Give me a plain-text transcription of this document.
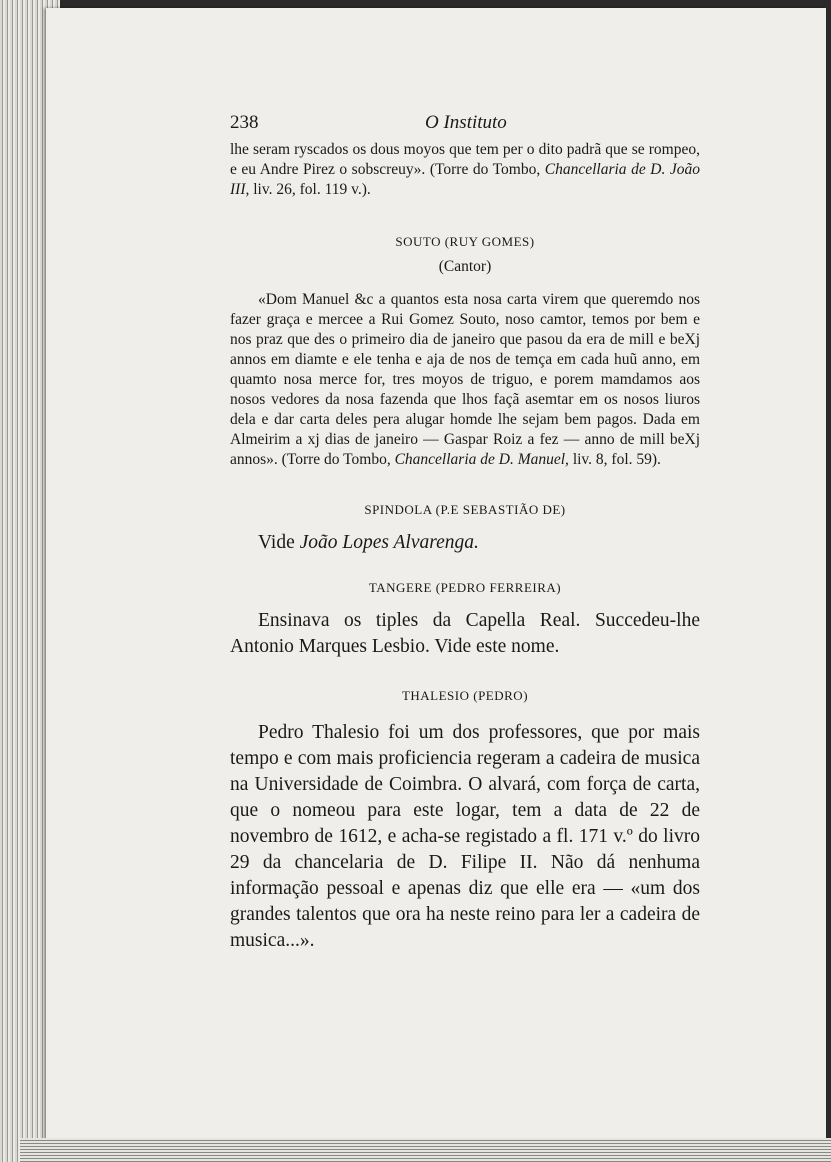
238	O Instituto

lhe seram ryscados os dous moyos que tem per o dito padrã que se rompeo, e eu Andre Pirez o sobscreuy». (Torre do Tombo, Chancellaria de D. João III, liv. 26, fol. 119 v.).

SOUTO (RUY GOMES)

(Cantor)

«Dom Manuel &c a quantos esta nosa carta virem que queremdo nos fazer graça e mercee a Rui Gomez Souto, noso camtor, temos por bem e nos praz que des o primeiro dia de janeiro que pasou da era de mill e beXj annos em diamte e ele tenha e aja de nos de temça em cada huũ anno, em quamto nosa merce for, tres moyos de triguo, e porem mamdamos aos nosos vedores da nosa fazenda que lhos façã asemtar em os nosos liuros dela e dar carta deles pera alugar homde lhe sejam bem pagos. Dada em Almeirim a xj dias de janeiro — Gaspar Roiz a fez — anno de mill beXj annos». (Torre do Tombo, Chancellaria de D. Manuel, liv. 8, fol. 59).

SPINDOLA (P.E SEBASTIÃO DE)

Vide João Lopes Alvarenga.

TANGERE (PEDRO FERREIRA)

Ensinava os tiples da Capella Real. Succedeu-lhe Antonio Marques Lesbio. Vide este nome.

THALESIO (PEDRO)

Pedro Thalesio foi um dos professores, que por mais tempo e com mais proficiencia regeram a cadeira de musica na Universidade de Coimbra. O alvará, com força de carta, que o nomeou para este logar, tem a data de 22 de novembro de 1612, e acha-se registado a fl. 171 v.º do livro 29 da chancelaria de D. Filipe II. Não dá nenhuma informação pessoal e apenas diz que elle era — «um dos grandes talentos que ora ha neste reino para ler a cadeira de musica...».
